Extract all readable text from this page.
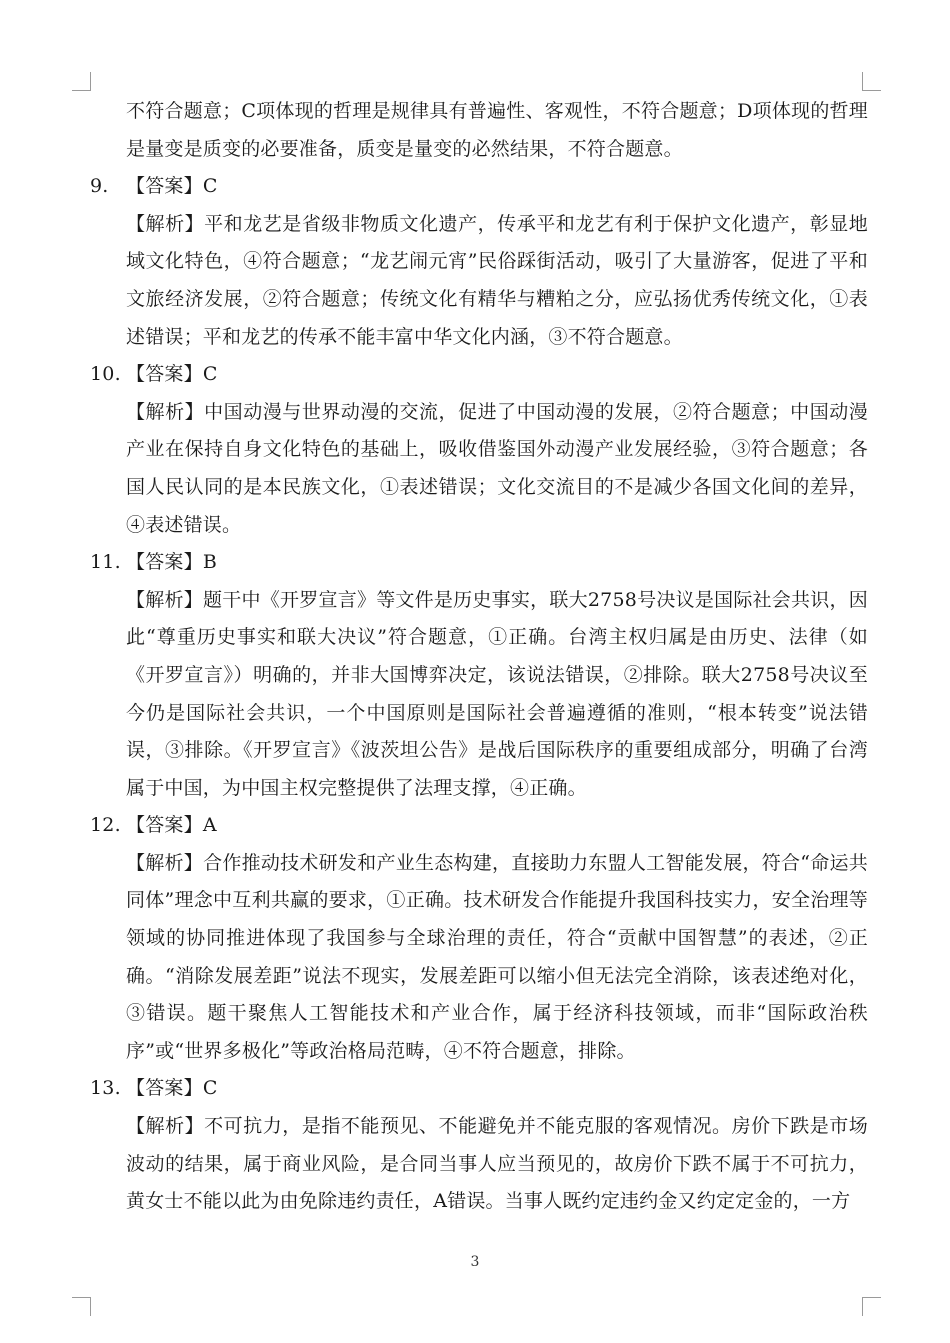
不符合题意；C项体现的哲理是规律具有普遍性、客观性，不符合题意；D项体现的哲理是量变是质变的必要准备，质变是量变的必然结果，不符合题意。

9. 【答案】 C

【解析】平和龙艺是省级非物质文化遗产，传承平和龙艺有利于保护文化遗产，彰显地域文化特色，④符合题意；“龙艺闹元宵”民俗踩街活动，吸引了大量游客，促进了平和文旅经济发展，②符合题意；传统文化有精华与糟粕之分，应弘扬优秀传统文化，①表述错误；平和龙艺的传承不能丰富中华文化内涵，③不符合题意。

10. 【答案】 C

【解析】中国动漫与世界动漫的交流，促进了中国动漫的发展，②符合题意；中国动漫产业在保持自身文化特色的基础上，吸收借鉴国外动漫产业发展经验，③符合题意；各国人民认同的是本民族文化，①表述错误；文化交流目的不是减少各国文化间的差异，④表述错误。

11. 【答案】 B

【解析】题干中《开罗宣言》等文件是历史事实，联大2758号决议是国际社会共识，因此“尊重历史事实和联大决议”符合题意，①正确。台湾主权归属是由历史、法律（如《开罗宣言》）明确的，并非大国博弈决定，该说法错误，②排除。联大2758号决议至今仍是国际社会共识，一个中国原则是国际社会普遍遵循的准则，“根本转变”说法错误，③排除。《开罗宣言》《波茨坦公告》是战后国际秩序的重要组成部分，明确了台湾属于中国，为中国主权完整提供了法理支撑，④正确。

12. 【答案】 A

【解析】合作推动技术研发和产业生态构建，直接助力东盟人工智能发展，符合“命运共同体”理念中互利共赢的要求，①正确。技术研发合作能提升我国科技实力，安全治理等领域的协同推进体现了我国参与全球治理的责任，符合“贡献中国智慧”的表述，②正确。“消除发展差距”说法不现实，发展差距可以缩小但无法完全消除，该表述绝对化，③错误。题干聚焦人工智能技术和产业合作，属于经济科技领域，而非“国际政治秩序”或“世界多极化”等政治格局范畴，④不符合题意，排除。

13. 【答案】 C

【解析】不可抗力，是指不能预见、不能避免并不能克服的客观情况。房价下跌是市场波动的结果，属于商业风险，是合同当事人应当预见的，故房价下跌不属于不可抗力，黄女士不能以此为由免除违约责任，A错误。当事人既约定违约金又约定定金的，一方

3
